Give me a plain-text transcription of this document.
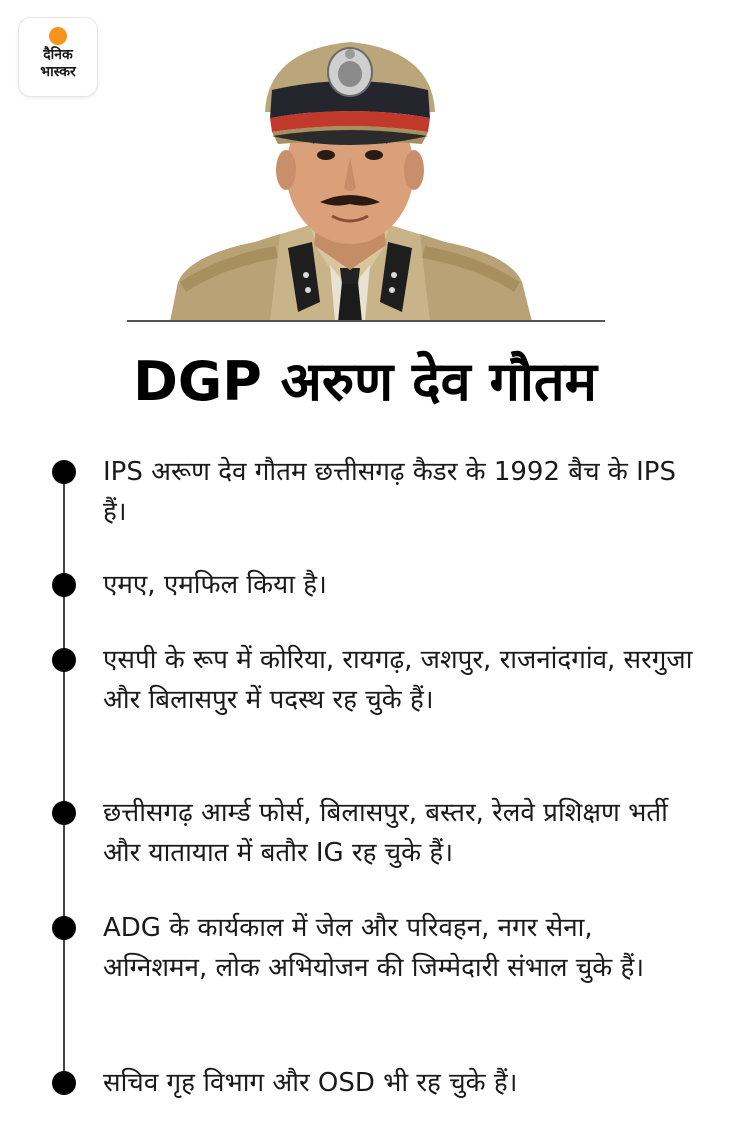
दैनिक
भास्कर
DGP अरुण देव गौतम
IPS अरूण देव गौतम छत्तीसगढ़ कैडर के 1992 बैच के IPS हैं।
एमए, एमफिल किया है।
एसपी के रूप में कोरिया, रायगढ़, जशपुर, राजनांदगांव, सरगुजा और बिलासपुर में पदस्थ रह चुके हैं।
छत्तीसगढ़ आर्म्ड फोर्स, बिलासपुर, बस्तर, रेलवे प्रशिक्षण भर्ती और यातायात में बतौर IG रह चुके हैं।
ADG के कार्यकाल में जेल और परिवहन, नगर सेना, अग्निशमन, लोक अभियोजन की जिम्मेदारी संभाल चुके हैं।
सचिव गृह विभाग और OSD भी रह चुके हैं।
